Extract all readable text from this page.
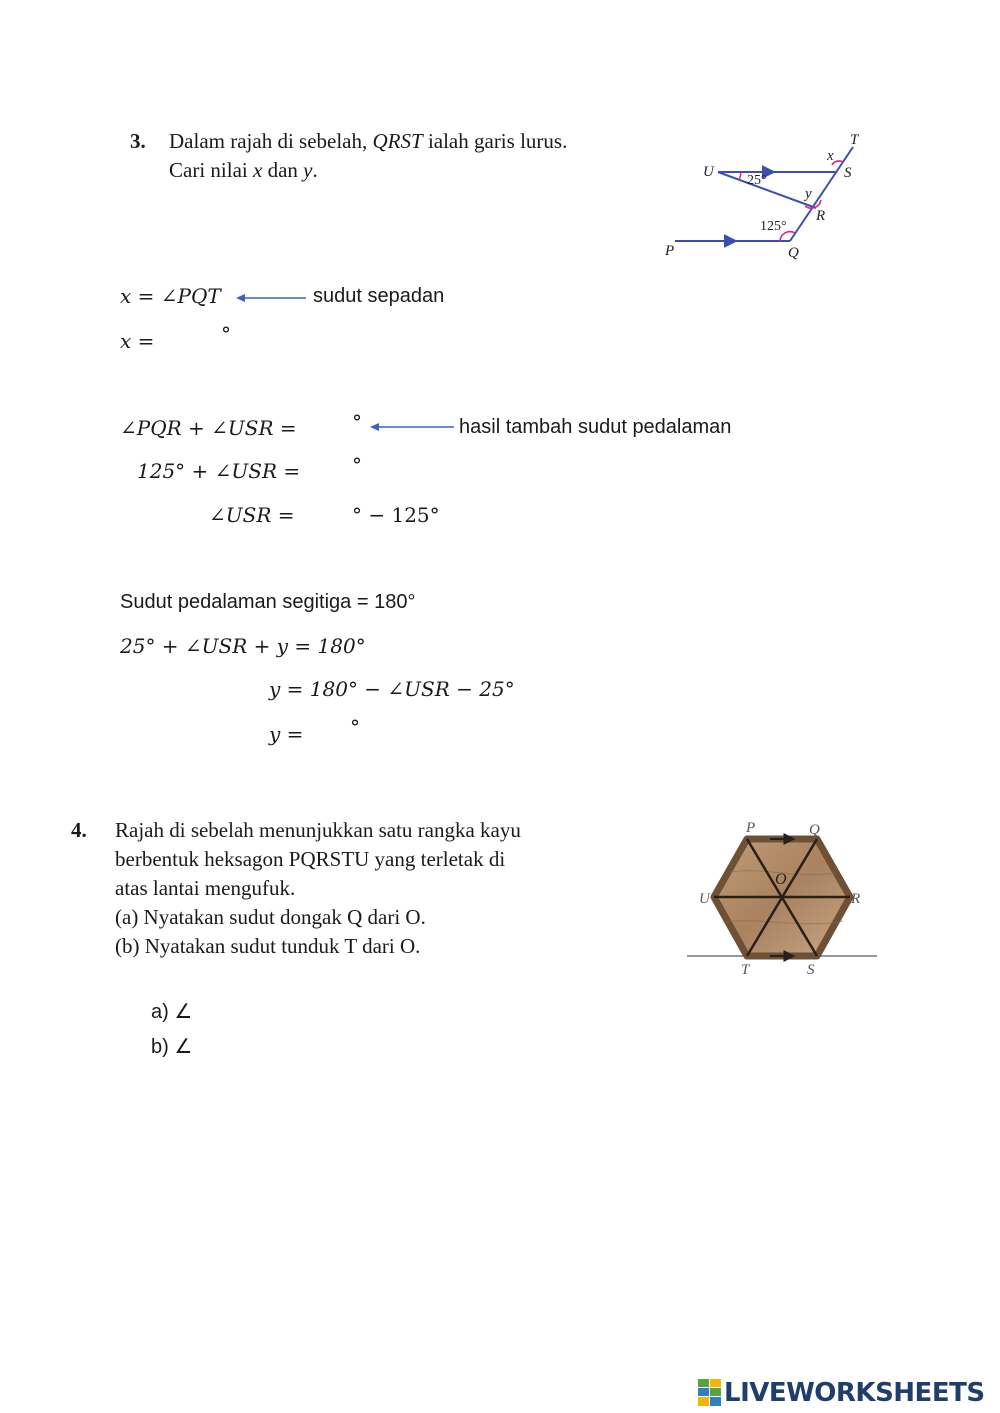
3. Dalam rajah di sebelah, QRST ialah garis lurus.
Cari nilai x dan y.
T
x
U	S
25°
y
R
125°
P	Q
x = ∠PQT	sudut sepadan
x =	°
∠PQR + ∠USR =	°	hasil tambah sudut pedalaman
125° + ∠USR =	°
∠USR =	° − 125°
Sudut pedalaman segitiga = 180°
25° + ∠USR + y = 180°
y = 180° − ∠USR − 25°
y = °
4. Rajah di sebelah menunjukkan satu rangka kayu
berbentuk heksagon PQRSTU yang terletak di
atas lantai mengufuk.
(a) Nyatakan sudut dongak Q dari O.
(b) Nyatakan sudut tunduk T dari O.
P	Q
U	R
O
T	S
a) ∠
b) ∠
LIVEWORKSHEETS
